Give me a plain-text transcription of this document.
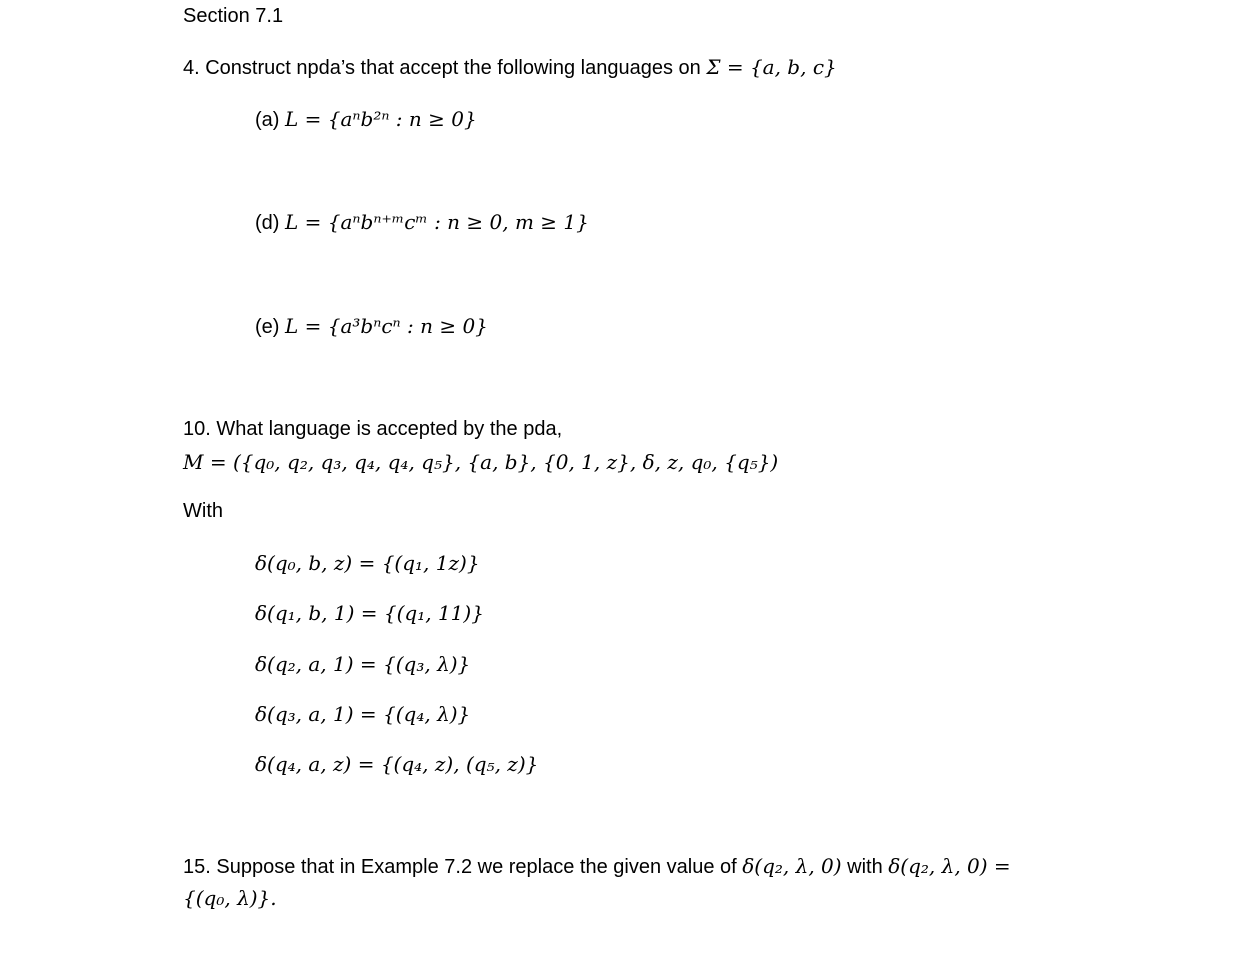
Section 7.1
4. Construct npda’s that accept the following languages on Σ = {a, b, c}
(a) L = {aⁿb²ⁿ : n ≥ 0}
(d) L = {aⁿbⁿ⁺ᵐcᵐ : n ≥ 0, m ≥ 1}
(e) L = {a³bⁿcⁿ : n ≥ 0}
10. What language is accepted by the pda,
M = ({q₀, q₂, q₃, q₄, q₄, q₅}, {a, b}, {0, 1, z}, δ, z, q₀, {q₅})
With
δ(q₀, b, z) = {(q₁, 1z)}
δ(q₁, b, 1) = {(q₁, 11)}
δ(q₂, a, 1) = {(q₃, λ)}
δ(q₃, a, 1) = {(q₄, λ)}
δ(q₄, a, z) = {(q₄, z), (q₅, z)}
15. Suppose that in Example 7.2 we replace the given value of δ(q₂, λ, 0) with δ(q₂, λ, 0) =
{(q₀, λ)}.
